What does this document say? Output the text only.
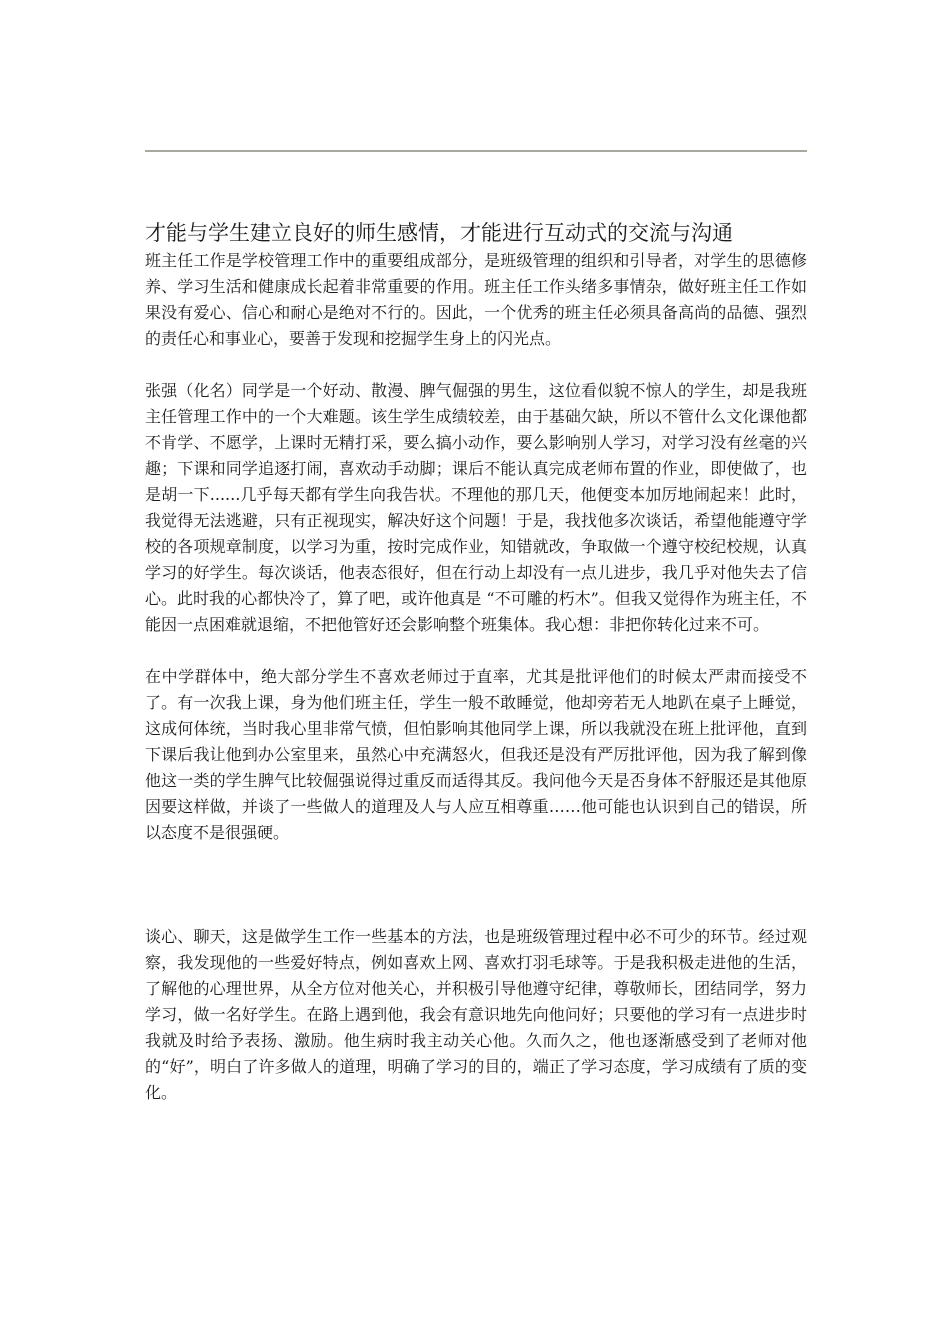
才能与学生建立良好的师生感情，才能进行互动式的交流与沟通

班主任工作是学校管理工作中的重要组成部分，是班级管理的组织和引导者，对学生的思德修养、学习生活和健康成长起着非常重要的作用。班主任工作头绪多事情杂，做好班主任工作如果没有爱心、信心和耐心是绝对不行的。因此，一个优秀的班主任必须具备高尚的品德、强烈的责任心和事业心，要善于发现和挖掘学生身上的闪光点。

张强（化名）同学是一个好动、散漫、脾气倔强的男生，这位看似貌不惊人的学生，却是我班主任管理工作中的一个大难题。该生学生成绩较差，由于基础欠缺，所以不管什么文化课他都不肯学、不愿学，上课时无精打采，要么搞小动作，要么影响别人学习，对学习没有丝毫的兴趣；下课和同学追逐打闹，喜欢动手动脚；课后不能认真完成老师布置的作业，即使做了，也是胡一下......几乎每天都有学生向我告状。不理他的那几天，他便变本加厉地闹起来！此时，我觉得无法逃避，只有正视现实，解决好这个问题！于是，我找他多次谈话，希望他能遵守学校的各项规章制度，以学习为重，按时完成作业，知错就改，争取做一个遵守校纪校规，认真学习的好学生。每次谈话，他表态很好，但在行动上却没有一点儿进步，我几乎对他失去了信心。此时我的心都快冷了，算了吧，或许他真是 “不可雕的朽木”。但我又觉得作为班主任，不能因一点困难就退缩，不把他管好还会影响整个班集体。我心想：非把你转化过来不可。

在中学群体中，绝大部分学生不喜欢老师过于直率，尤其是批评他们的时候太严肃而接受不了。有一次我上课，身为他们班主任，学生一般不敢睡觉，他却旁若无人地趴在桌子上睡觉，这成何体统，当时我心里非常气愤，但怕影响其他同学上课，所以我就没在班上批评他，直到下课后我让他到办公室里来，虽然心中充满怒火，但我还是没有严厉批评他，因为我了解到像他这一类的学生脾气比较倔强说得过重反而适得其反。我问他今天是否身体不舒服还是其他原因要这样做，并谈了一些做人的道理及人与人应互相尊重……他可能也认识到自己的错误，所以态度不是很强硬。

谈心、聊天，这是做学生工作一些基本的方法，也是班级管理过程中必不可少的环节。经过观察，我发现他的一些爱好特点，例如喜欢上网、喜欢打羽毛球等。于是我积极走进他的生活，了解他的心理世界，从全方位对他关心，并积极引导他遵守纪律，尊敬师长，团结同学，努力学习，做一名好学生。在路上遇到他，我会有意识地先向他问好；只要他的学习有一点进步时我就及时给予表扬、激励。他生病时我主动关心他。久而久之，他也逐渐感受到了老师对他的“好”，明白了许多做人的道理，明确了学习的目的，端正了学习态度，学习成绩有了质的变化。
